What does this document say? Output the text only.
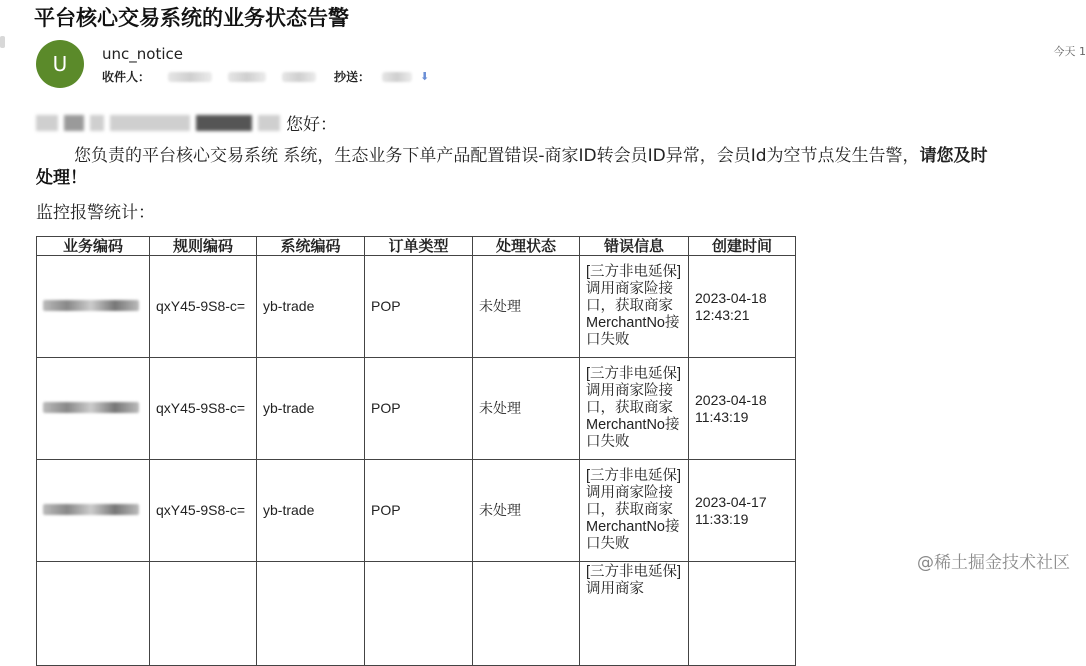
平台核心交易系统的业务状态告警
U	unc_notice
收件人：	抄送：	⬇
今天 1
您好：
您负责的平台核心交易系统 系统，生态业务下单产品配置错误-商家ID转会员ID异常，会员Id为空节点发生告警，请您及时
处理！
监控报警统计：
业务编码	规则编码	系统编码	订单类型	处理状态	错误信息	创建时间
	qxY45-9S8-c=	yb-trade	POP	未处理	[三方非电延保]调用商家险接口，获取商家MerchantNo接口失败	2023-04-18 12:43:21
	qxY45-9S8-c=	yb-trade	POP	未处理	[三方非电延保]调用商家险接口，获取商家MerchantNo接口失败	2023-04-18 11:43:19
	qxY45-9S8-c=	yb-trade	POP	未处理	[三方非电延保]调用商家险接口，获取商家MerchantNo接口失败	2023-04-17 11:33:19
					[三方非电延保]调用商家	
@稀土掘金技术社区
